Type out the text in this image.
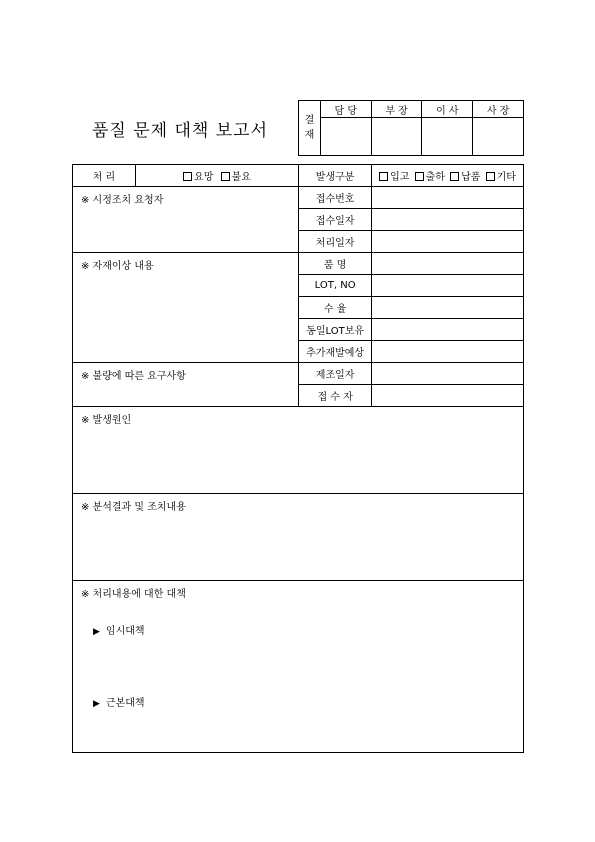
품질 문제 대책 보고서
결
재	담 당	부 장	이 사	사 장

처 리	요망 불요	발생구분	입고 출하 납품 기타
※ 시정조치 요청자		접수번호	
		접수일자	
		처리일자	
※ 자재이상 내용		품 명	
		LOT, NO	
		수 율	
		동일LOT보유	
		추가재발예상	
※ 불량에 따른 요구사항		제조일자	
		접 수 자	
※ 발생원인			
※ 분석결과 및 조치내용			

※ 처리내용에 대한 대책
▶ 임시대책
▶ 근본대책			
